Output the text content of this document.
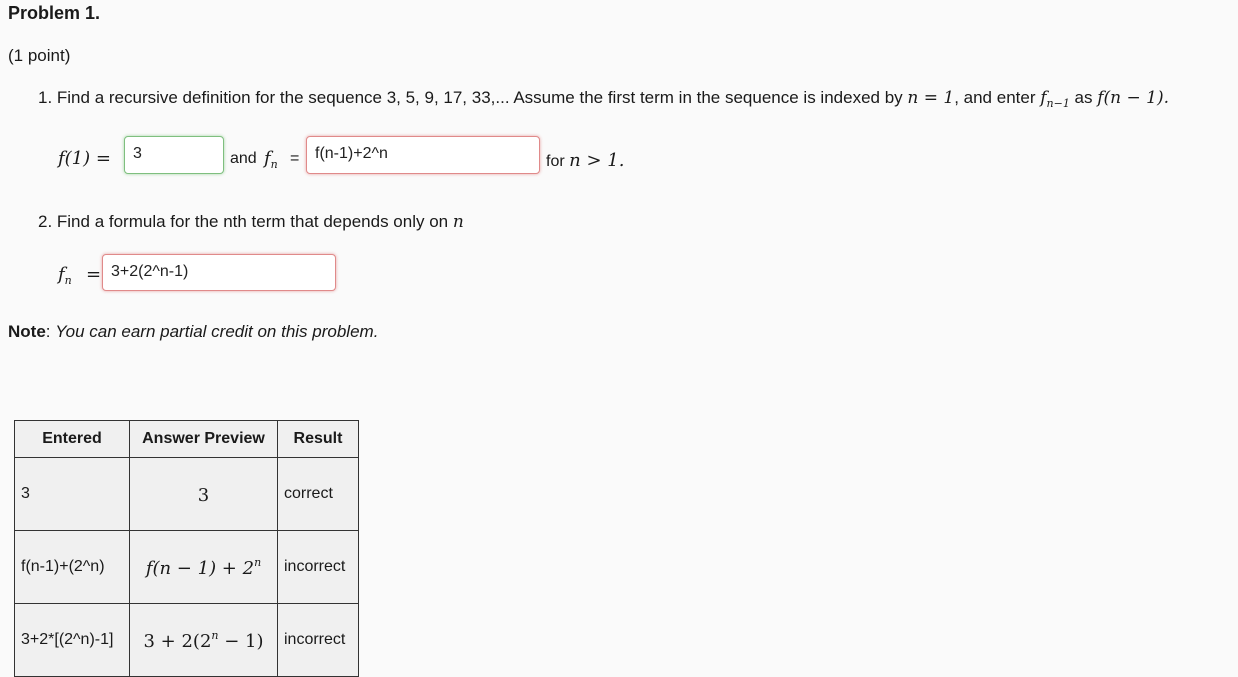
Problem 1.
(1 point)
1. Find a recursive definition for the sequence 3, 5, 9, 17, 33,... Assume the first term in the sequence is indexed by n = 1, and enter $f_{n-1}$ as f(n − 1).
f(1) =	3	and $f_n$ = f(n-1)+2^n	for n > 1.
2. Find a formula for the nth term that depends only on n
$f_n$ = 3+2(2^n-1)
Note: You can earn partial credit on this problem.
Entered	Answer Preview	Result
3	3	correct
f(n-1)+(2^n)	$f(n - 1) + 2^n$	incorrect
3+2*[(2^n)-1]	$3 + 2(2^n - 1)$	incorrect
